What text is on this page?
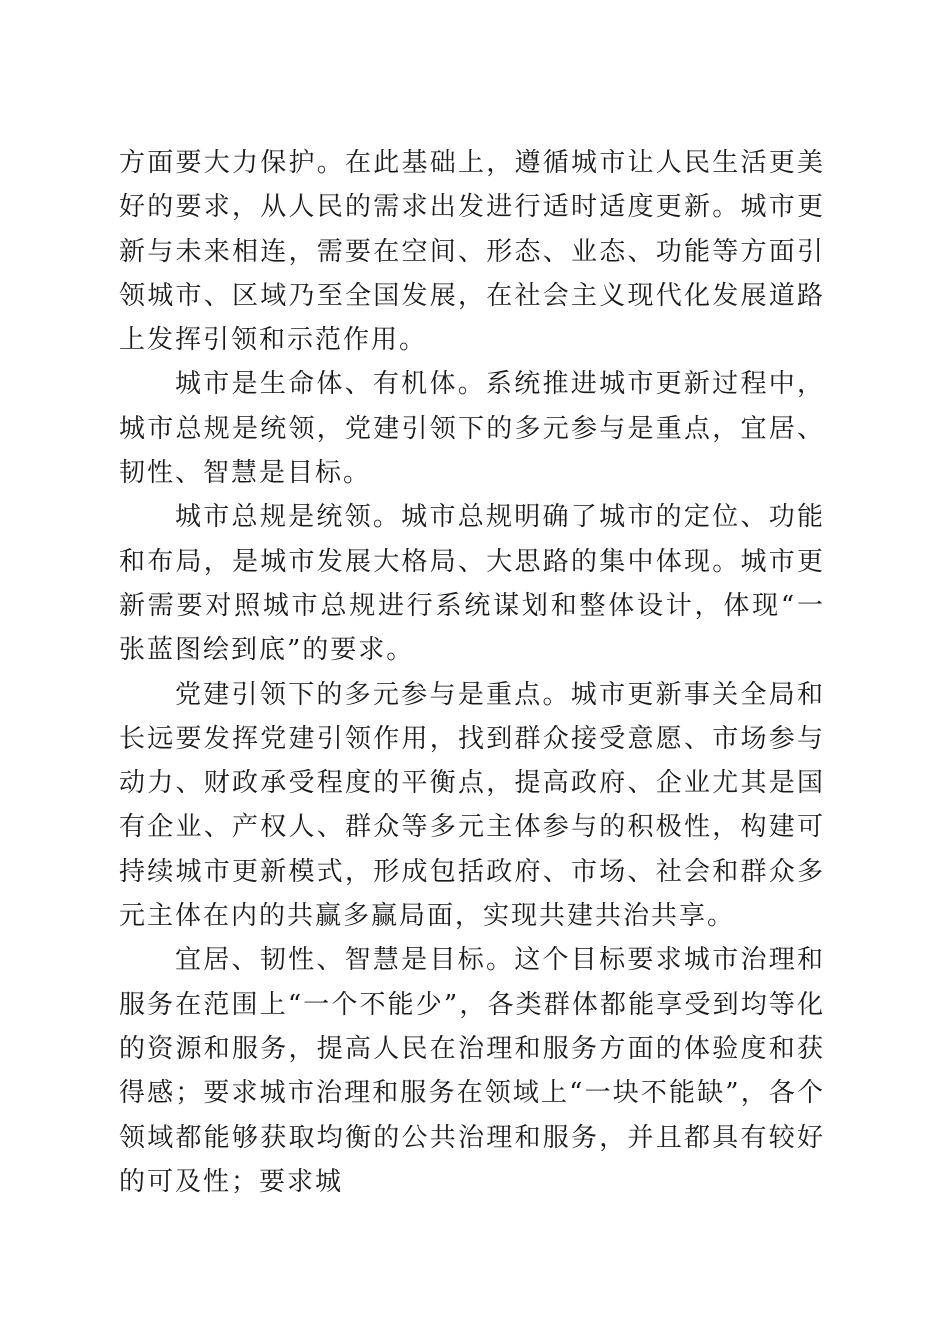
方面要大力保护。在此基础上，遵循城市让人民生活更美好的要求，从人民的需求出发进行适时适度更新。城市更新与未来相连，需要在空间、形态、业态、功能等方面引领城市、区域乃至全国发展，在社会主义现代化发展道路上发挥引领和示范作用。

城市是生命体、有机体。系统推进城市更新过程中，城市总规是统领，党建引领下的多元参与是重点，宜居、韧性、智慧是目标。

城市总规是统领。城市总规明确了城市的定位、功能和布局，是城市发展大格局、大思路的集中体现。城市更新需要对照城市总规进行系统谋划和整体设计，体现“一张蓝图绘到底”的要求。

党建引领下的多元参与是重点。城市更新事关全局和长远要发挥党建引领作用，找到群众接受意愿、市场参与动力、财政承受程度的平衡点，提高政府、企业尤其是国有企业、产权人、群众等多元主体参与的积极性，构建可持续城市更新模式，形成包括政府、市场、社会和群众多元主体在内的共赢多赢局面，实现共建共治共享。

宜居、韧性、智慧是目标。这个目标要求城市治理和服务在范围上“一个不能少”，各类群体都能享受到均等化的资源和服务，提高人民在治理和服务方面的体验度和获得感；要求城市治理和服务在领域上“一块不能缺”，各个领域都能够获取均衡的公共治理和服务，并且都具有较好的可及性；要求城
